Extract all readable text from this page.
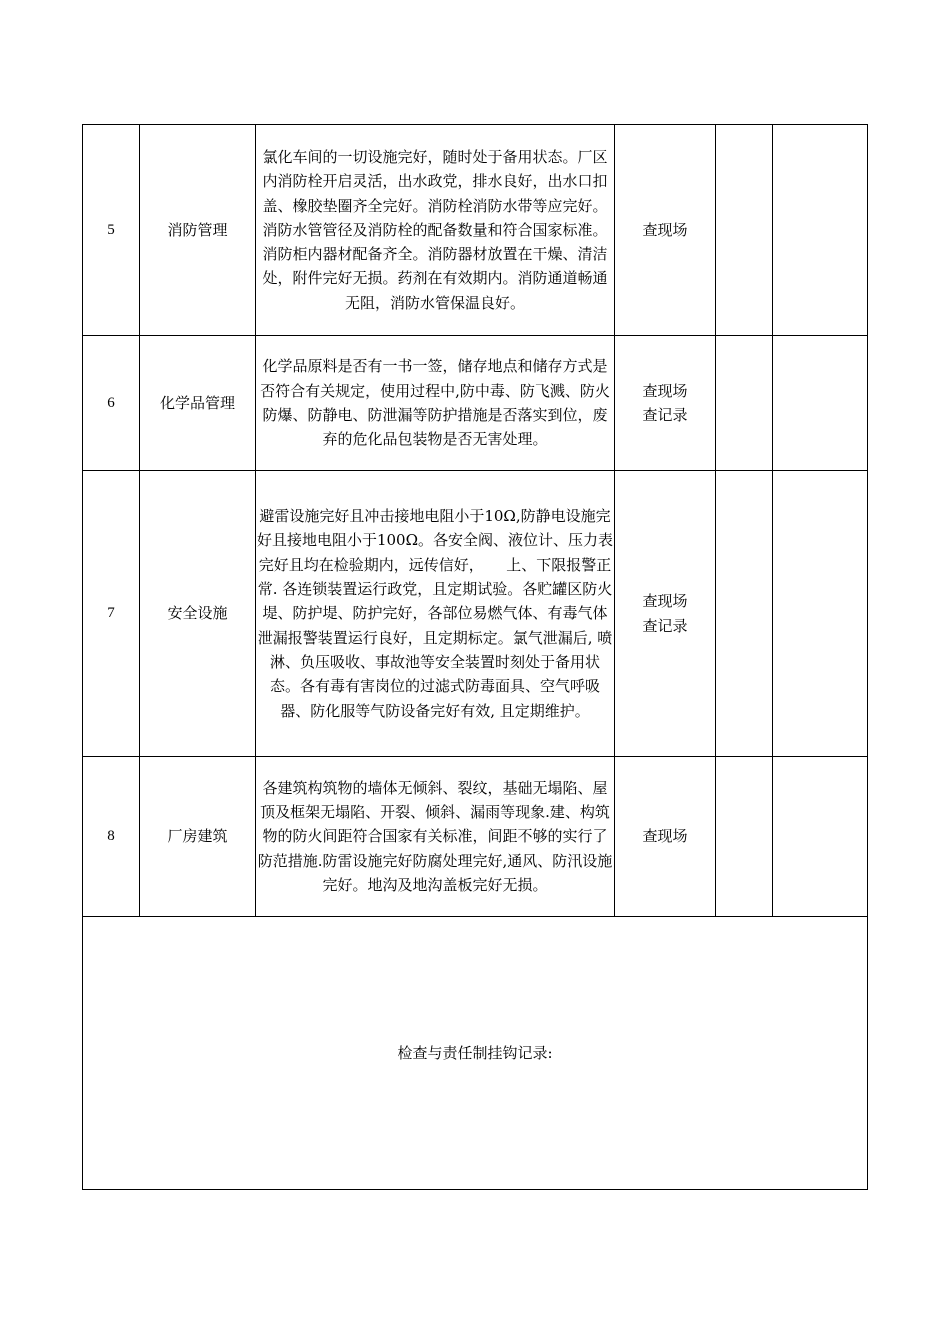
5	消防管理	氯化车间的一切设施完好，随时处于备用状态。厂区内消防栓开启灵活，出水政党，排水良好，出水口扣盖、橡胶垫圈齐全完好。消防栓消防水带等应完好。消防水管管径及消防栓的配备数量和符合国家标准。消防柜内器材配备齐全。消防器材放置在干燥、清洁处，附件完好无损。药剂在有效期内。消防通道畅通无阻，消防水管保温良好。	查现场		

6	化学品管理	化学品原料是否有一书一签，储存地点和储存方式是否符合有关规定，使用过程中,防中毒、防飞溅、防火防爆、防静电、防泄漏等防护措施是否落实到位，废弃的危化品包装物是否无害处理。	查现场
查记录		

7	安全设施	避雷设施完好且冲击接地电阻小于10Ω,防静电设施完好且接地电阻小于100Ω。各安全阀、液位计、压力表完好且均在检验期内，远传信好，　　上、下限报警正常. 各连锁装置运行政党，且定期试验。各贮罐区防火堤、防护堤、防护完好，各部位易燃气体、有毒气体泄漏报警装置运行良好，且定期标定。氯气泄漏后, 喷淋、负压吸收、事故池等安全装置时刻处于备用状态。各有毒有害岗位的过滤式防毒面具、空气呼吸器、防化服等气防设备完好有效, 且定期维护。	查现场
查记录		

8	厂房建筑	各建筑构筑物的墙体无倾斜、裂纹，基础无塌陷、屋顶及框架无塌陷、开裂、倾斜、漏雨等现象.建、构筑物的防火间距符合国家有关标准，间距不够的实行了防范措施.防雷设施完好防腐处理完好,通风、防汛设施完好。地沟及地沟盖板完好无损。	查现场		

检查与责任制挂钩记录:					
